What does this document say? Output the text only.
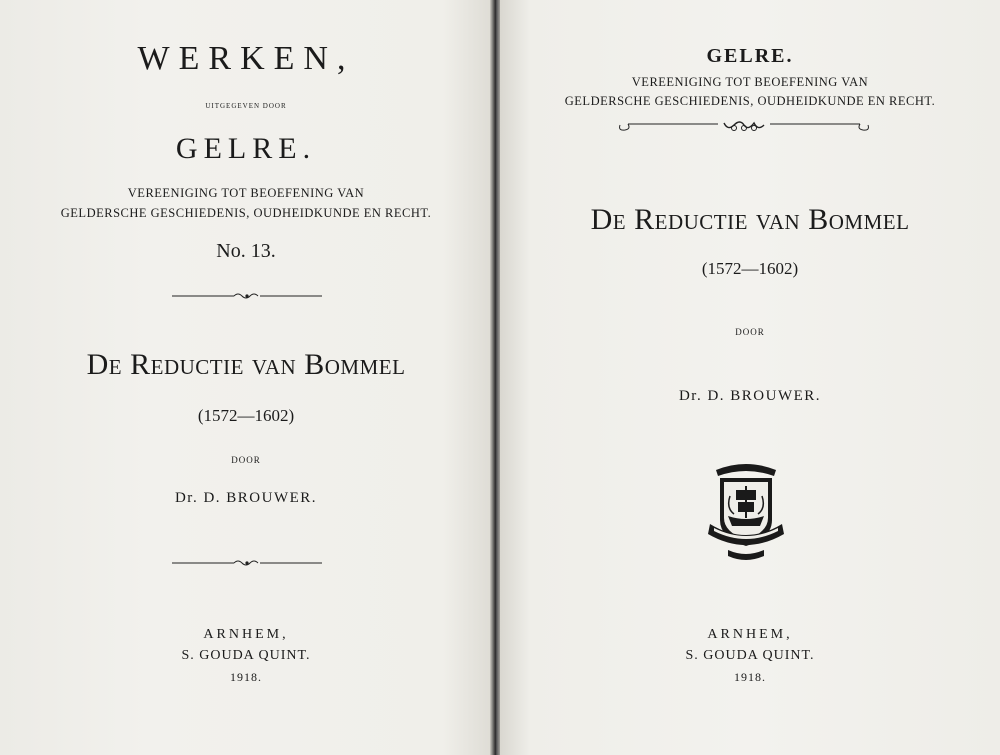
WERKEN,
UITGEGEVEN DOOR
GELRE.
VEREENIGING TOT BEOEFENING VAN
GELDERSCHE GESCHIEDENIS, OUDHEIDKUNDE EN RECHT.
No. 13.
De Reductie van Bommel
(1572—1602)
DOOR
Dr. D. BROUWER.
ARNHEM,
S. GOUDA QUINT.
1918.
GELRE.
VEREENIGING TOT BEOEFENING VAN
GELDERSCHE GESCHIEDENIS, OUDHEIDKUNDE EN RECHT.
De Reductie van Bommel
(1572—1602)
DOOR
Dr. D. BROUWER.
ARNHEM,
S. GOUDA QUINT.
1918.
